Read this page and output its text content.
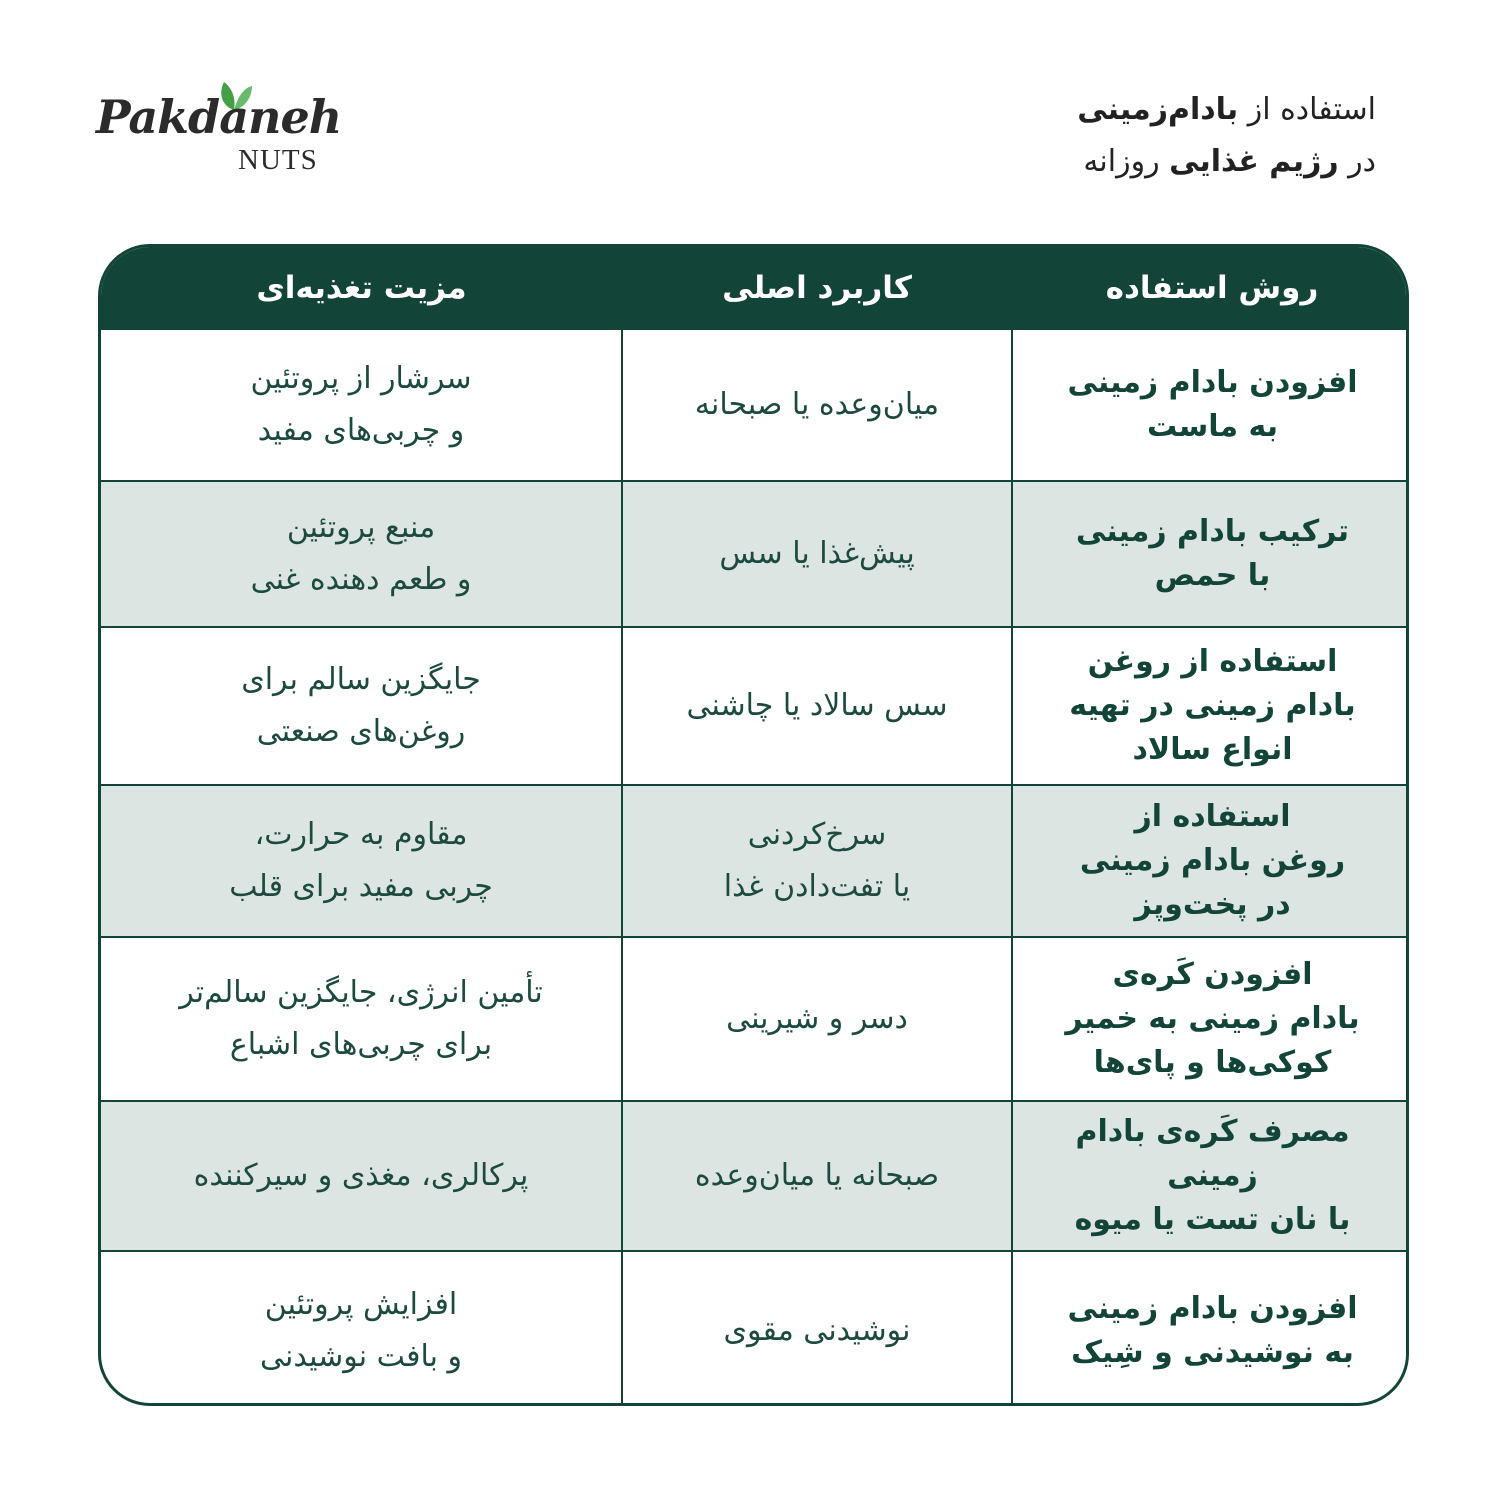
Pakdaneh
NUTS
استفاده از بادام‌زمینی
در رژیم غذایی روزانه
روش استفاده	کاربرد اصلی	مزیت تغذیه‌ای

افزودن بادام زمینی
به ماست	میان‌وعده یا صبحانه	سرشار از پروتئین
و چربی‌های مفید

ترکیب بادام زمینی
با حمص	پیش‌غذا یا سس	منبع پروتئین
و طعم دهنده غنی

استفاده از روغن
بادام زمینی در تهیه
انواع سالاد	سس سالاد یا چاشنی	جایگزین سالم برای
روغن‌های صنعتی

استفاده از
روغن بادام زمینی
در پخت‌وپز	سرخ‌کردنی
یا تفت‌دادن غذا	مقاوم به حرارت،
چربی مفید برای قلب

افزودن کَره‌ی
بادام زمینی به خمیر
کوکی‌ها و پای‌ها	دسر و شیرینی	تأمین انرژی، جایگزین سالم‌تر
برای چربی‌های اشباع

مصرف کَره‌ی بادام زمینی
با نان تست یا میوه	صبحانه یا میان‌وعده	پرکالری، مغذی و سیرکننده

افزودن بادام زمینی
به نوشیدنی و شِیک	نوشیدنی مقوی	افزایش پروتئین
و بافت نوشیدنی
